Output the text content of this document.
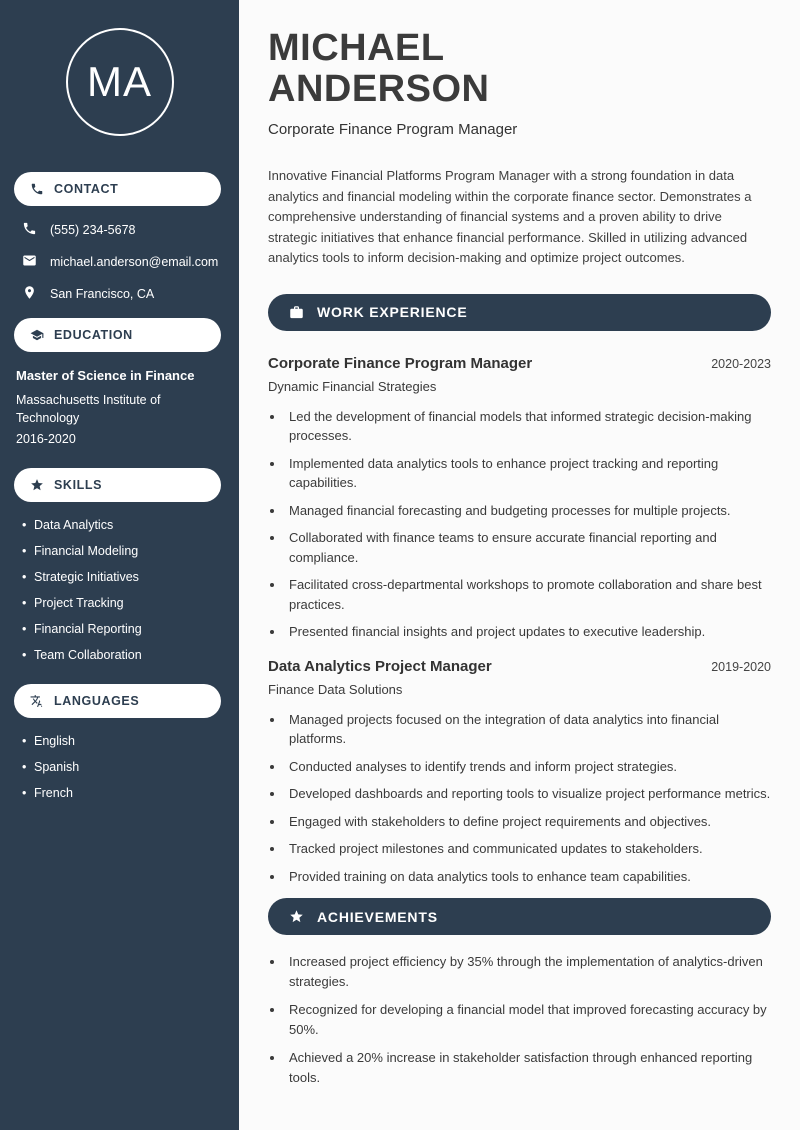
MA
CONTACT
(555) 234-5678
michael.anderson@email.com
San Francisco, CA
EDUCATION
Master of Science in Finance
Massachusetts Institute of Technology
2016-2020
SKILLS
• Data Analytics
• Financial Modeling
• Strategic Initiatives
• Project Tracking
• Financial Reporting
• Team Collaboration
LANGUAGES
• English
• Spanish
• French
MICHAEL
ANDERSON
Corporate Finance Program Manager

Innovative Financial Platforms Program Manager with a strong foundation in data analytics and financial modeling within the corporate finance sector. Demonstrates a comprehensive understanding of financial systems and a proven ability to drive strategic initiatives that enhance financial performance. Skilled in utilizing advanced analytics tools to inform decision-making and optimize project outcomes.

WORK EXPERIENCE
Corporate Finance Program Manager	2020-2023
Dynamic Financial Strategies
• Led the development of financial models that informed strategic decision-making processes.
• Implemented data analytics tools to enhance project tracking and reporting capabilities.
• Managed financial forecasting and budgeting processes for multiple projects.
• Collaborated with finance teams to ensure accurate financial reporting and compliance.
• Facilitated cross-departmental workshops to promote collaboration and share best practices.
• Presented financial insights and project updates to executive leadership.
Data Analytics Project Manager	2019-2020
Finance Data Solutions
• Managed projects focused on the integration of data analytics into financial platforms.
• Conducted analyses to identify trends and inform project strategies.
• Developed dashboards and reporting tools to visualize project performance metrics.
• Engaged with stakeholders to define project requirements and objectives.
• Tracked project milestones and communicated updates to stakeholders.
• Provided training on data analytics tools to enhance team capabilities.
ACHIEVEMENTS
• Increased project efficiency by 35% through the implementation of analytics-driven strategies.
• Recognized for developing a financial model that improved forecasting accuracy by 50%.
• Achieved a 20% increase in stakeholder satisfaction through enhanced reporting tools.
